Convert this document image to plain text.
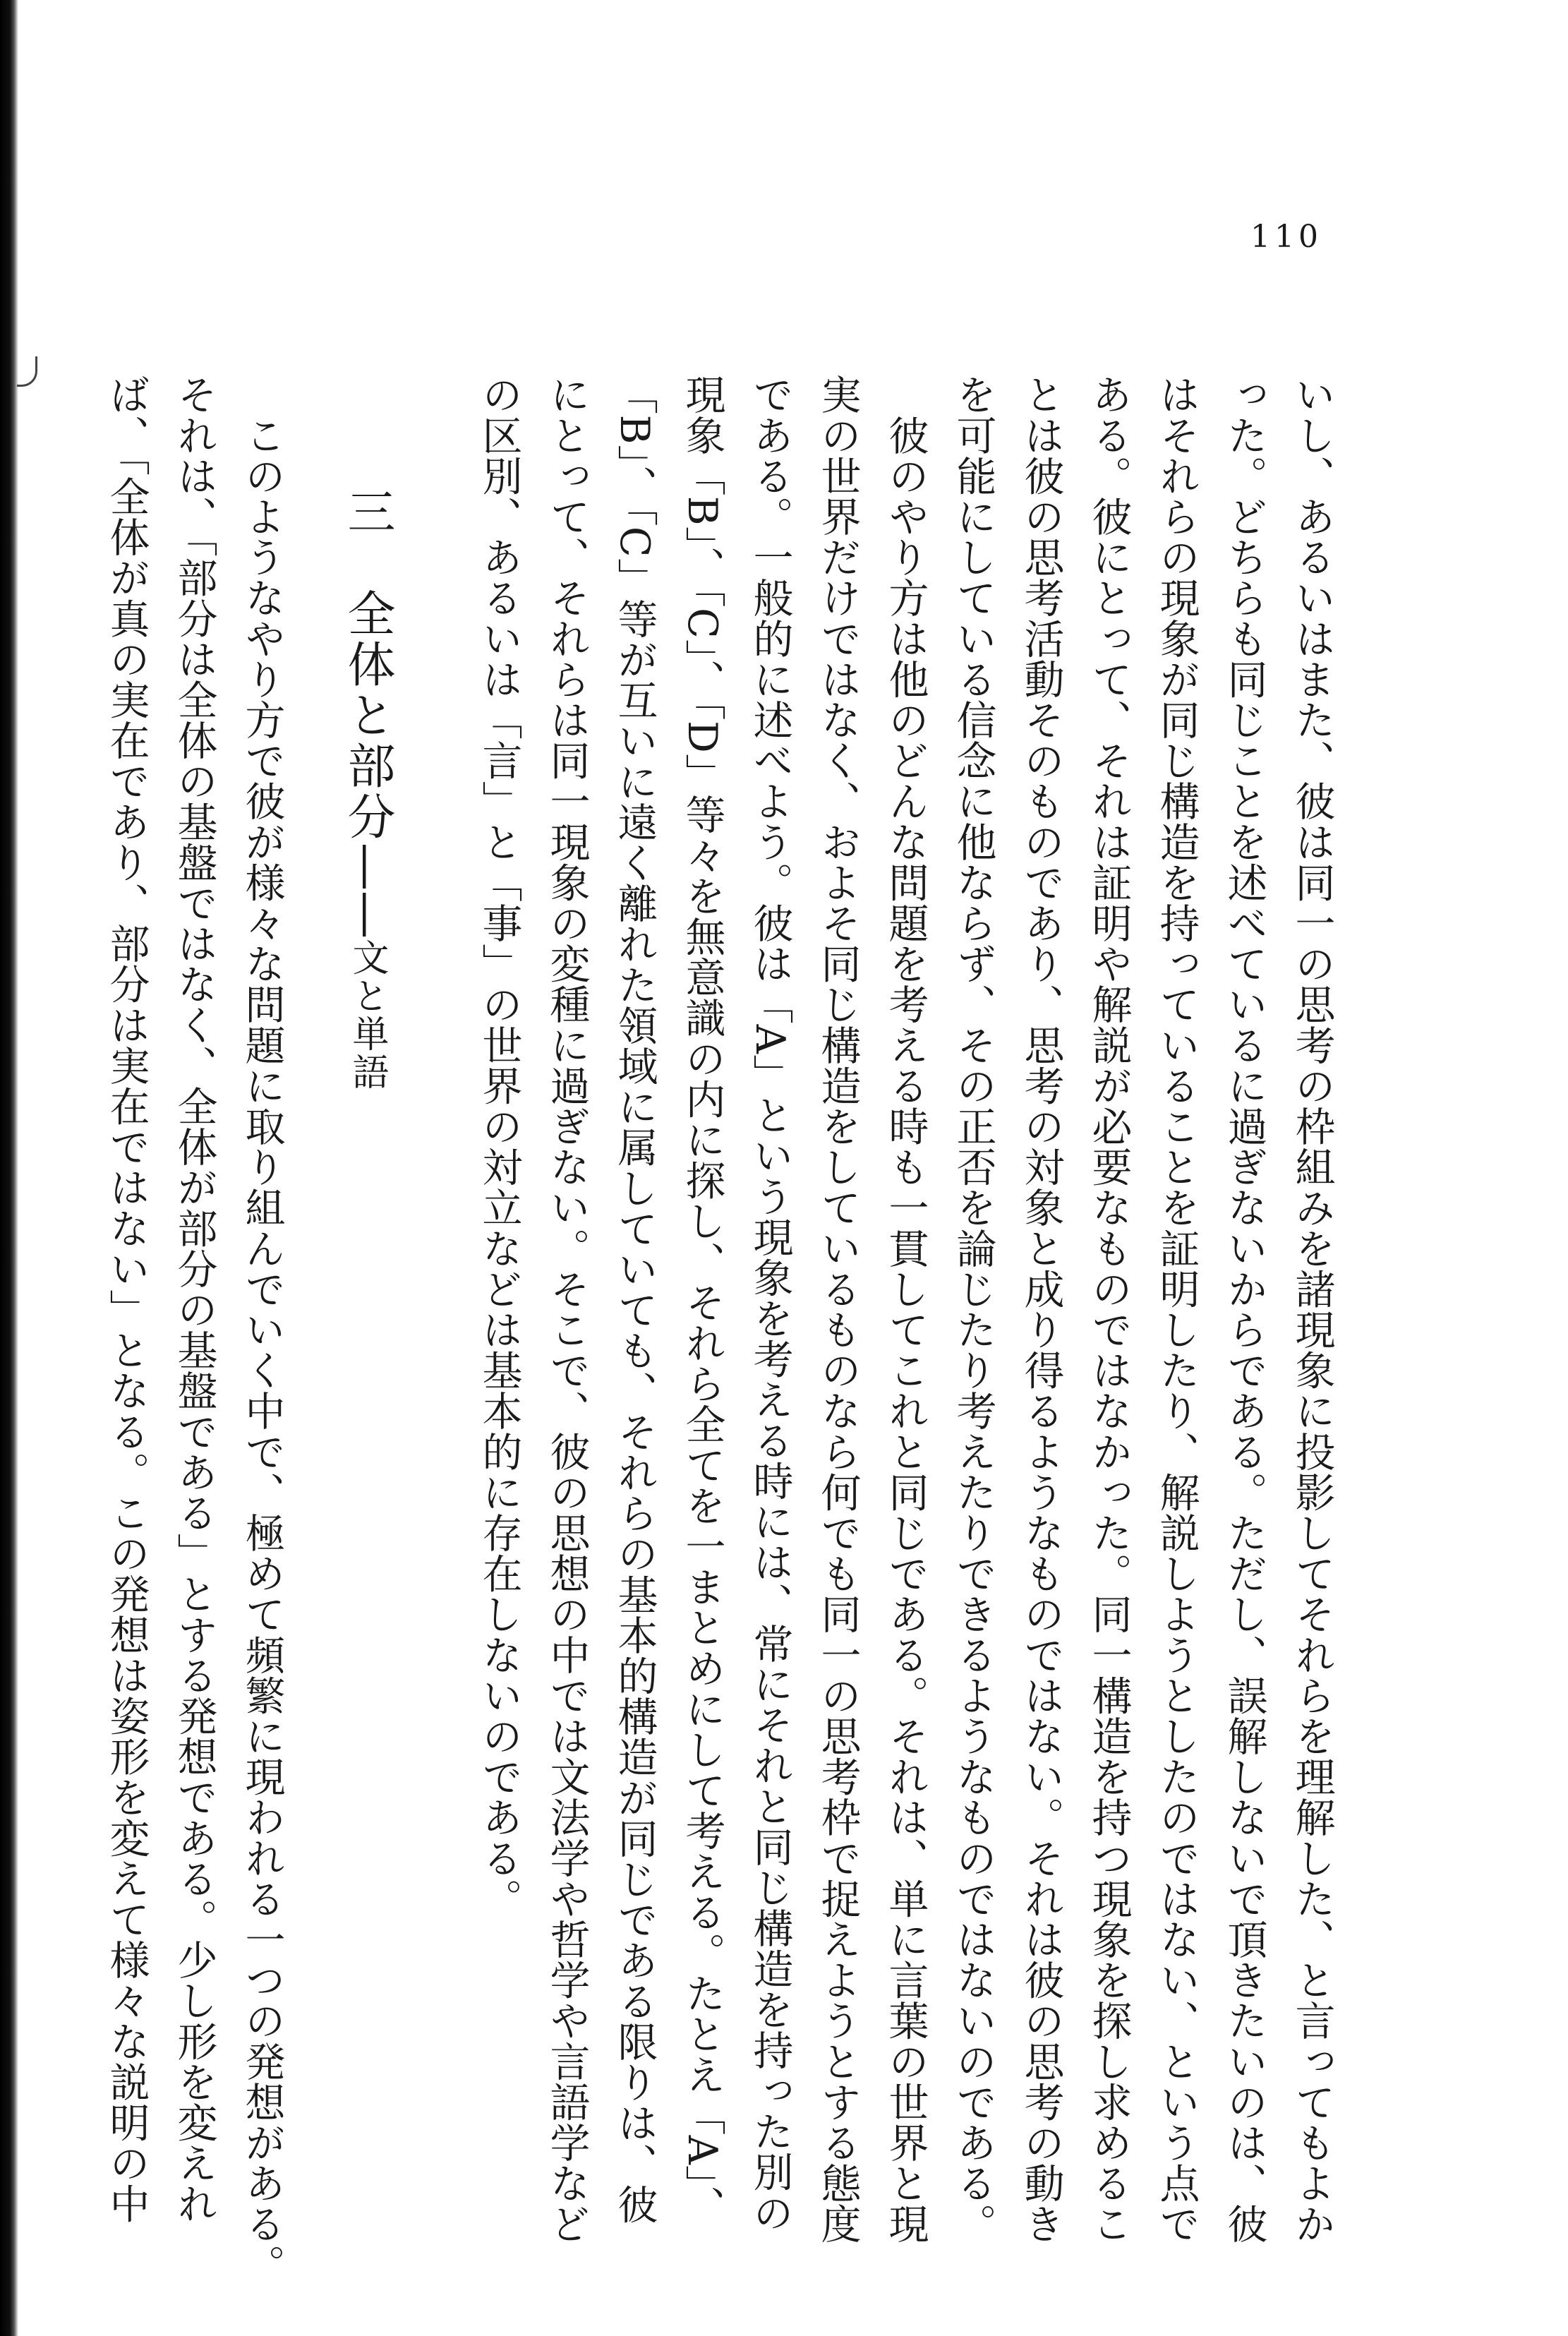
110
いし、あるいはまた、彼は同一の思考の枠組みを諸現象に投影してそれらを理解した、と言ってもよか
った。どちらも同じことを述べているに過ぎないからである。ただし、誤解しないで頂きたいのは、彼
はそれらの現象が同じ構造を持っていることを証明したり、解説しようとしたのではない、という点で
ある。彼にとって、それは証明や解説が必要なものではなかった。同一構造を持つ現象を探し求めるこ
とは彼の思考活動そのものであり、思考の対象と成り得るようなものではない。それは彼の思考の動き
を可能にしている信念に他ならず、その正否を論じたり考えたりできるようなものではないのである。
　彼のやり方は他のどんな問題を考える時も一貫してこれと同じである。それは、単に言葉の世界と現
実の世界だけではなく、およそ同じ構造をしているものなら何でも同一の思考枠で捉えようとする態度
である。一般的に述べよう。彼は「A」という現象を考える時には、常にそれと同じ構造を持った別の
現象「B」、「C」、「D」等々を無意識の内に探し、それら全てを一まとめにして考える。たとえ「A」、
「B」、「C」等が互いに遠く離れた領域に属していても、それらの基本的構造が同じである限りは、彼
にとって、それらは同一現象の変種に過ぎない。そこで、彼の思想の中では文法学や哲学や言語学など
の区別、あるいは「言」と「事」の世界の対立などは基本的に存在しないのである。
三　全体と部分——文と単語
　このようなやり方で彼が様々な問題に取り組んでいく中で、極めて頻繁に現われる一つの発想がある。
それは、「部分は全体の基盤ではなく、全体が部分の基盤である」とする発想である。少し形を変えれ
ば、「全体が真の実在であり、部分は実在ではない」となる。この発想は姿形を変えて様々な説明の中
